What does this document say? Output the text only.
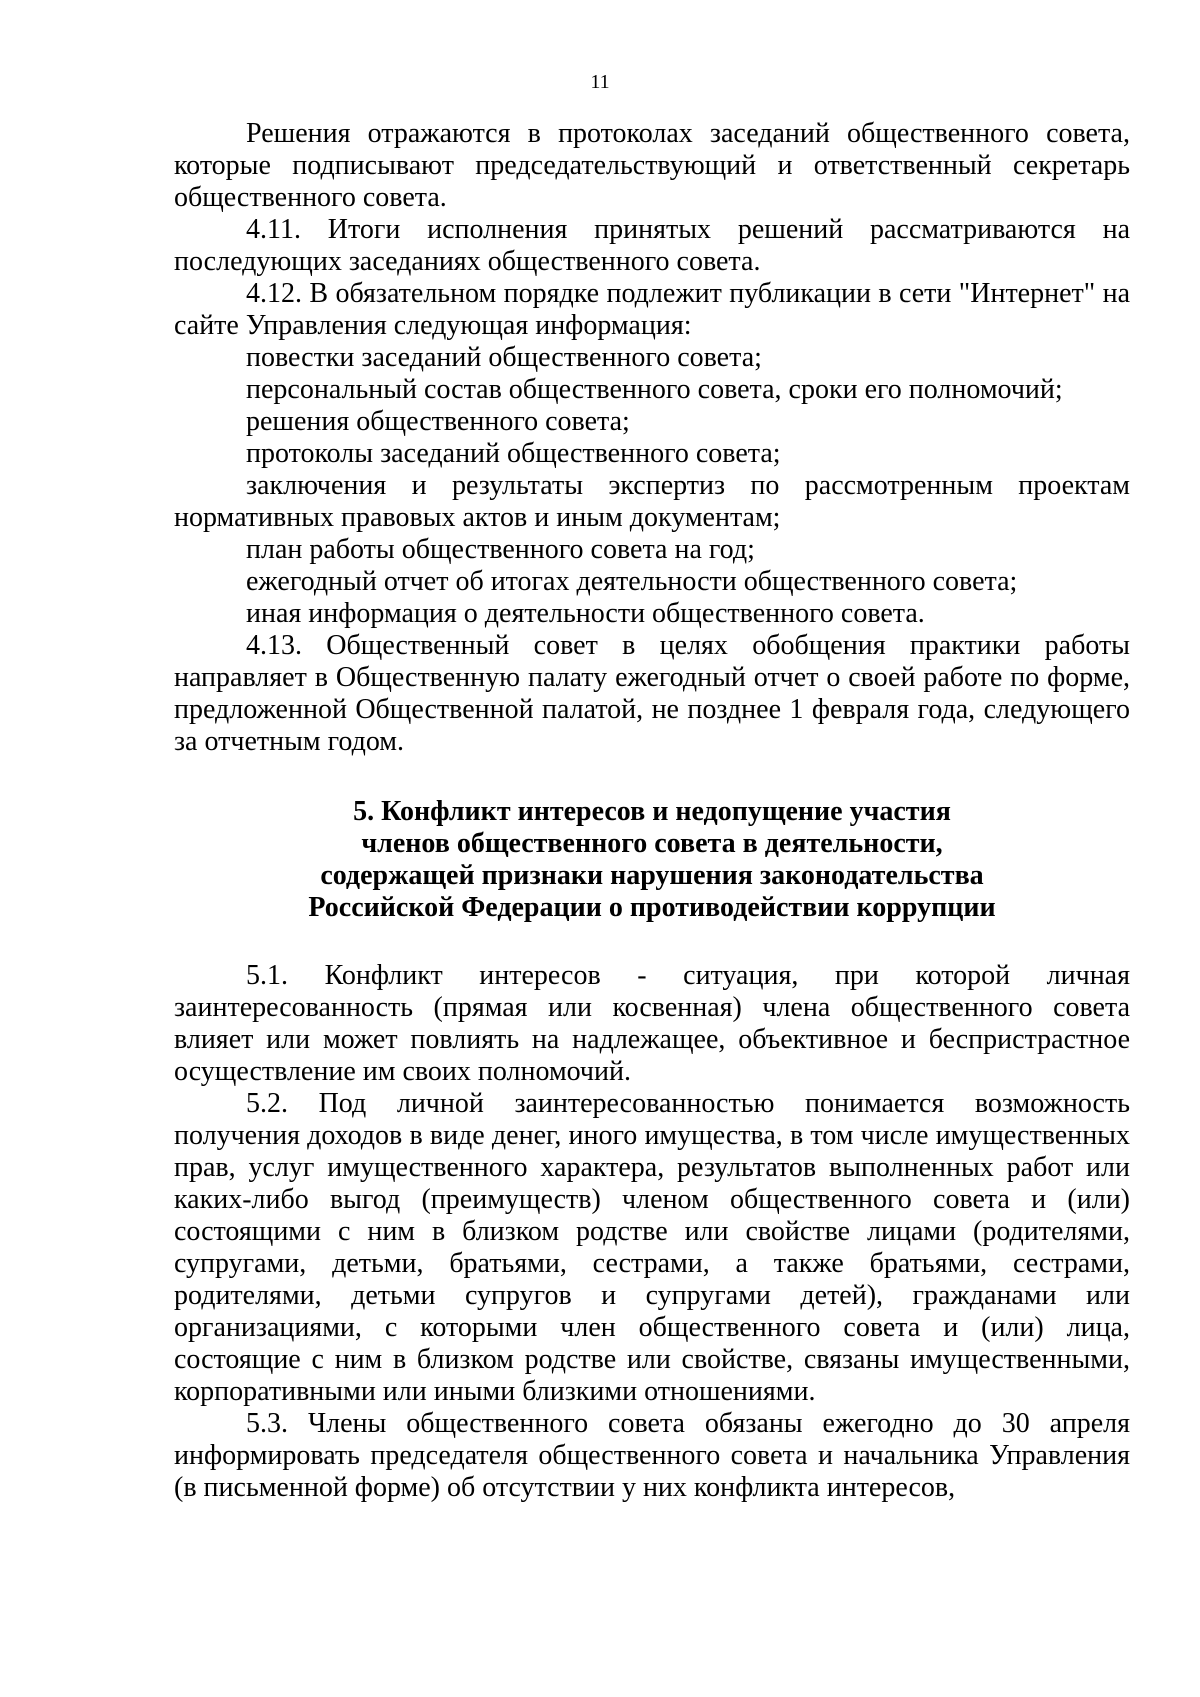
11

Решения отражаются в протоколах заседаний общественного совета, которые подписывают председательствующий и ответственный секретарь общественного совета.

4.11. Итоги исполнения принятых решений рассматриваются на последующих заседаниях общественного совета.

4.12. В обязательном порядке подлежит публикации в сети "Интернет" на сайте Управления следующая информация:

повестки заседаний общественного совета;

персональный состав общественного совета, сроки его полномочий;

решения общественного совета;

протоколы заседаний общественного совета;

заключения и результаты экспертиз по рассмотренным проектам нормативных правовых актов и иным документам;

план работы общественного совета на год;

ежегодный отчет об итогах деятельности общественного совета;

иная информация о деятельности общественного совета.

4.13. Общественный совет в целях обобщения практики работы направляет в Общественную палату ежегодный отчет о своей работе по форме, предложенной Общественной палатой, не позднее 1 февраля года, следующего за отчетным годом.

5. Конфликт интересов и недопущение участия
членов общественного совета в деятельности,
содержащей признаки нарушения законодательства
Российской Федерации о противодействии коррупции

5.1. Конфликт интересов - ситуация, при которой личная заинтересованность (прямая или косвенная) члена общественного совета влияет или может повлиять на надлежащее, объективное и беспристрастное осуществление им своих полномочий.

5.2. Под личной заинтересованностью понимается возможность получения доходов в виде денег, иного имущества, в том числе имущественных прав, услуг имущественного характера, результатов выполненных работ или каких-либо выгод (преимуществ) членом общественного совета и (или) состоящими с ним в близком родстве или свойстве лицами (родителями, супругами, детьми, братьями, сестрами, а также братьями, сестрами, родителями, детьми супругов и супругами детей), гражданами или организациями, с которыми член общественного совета и (или) лица, состоящие с ним в близком родстве или свойстве, связаны имущественными, корпоративными или иными близкими отношениями.

5.3. Члены общественного совета обязаны ежегодно до 30 апреля информировать председателя общественного совета и начальника Управления (в письменной форме) об отсутствии у них конфликта интересов,
